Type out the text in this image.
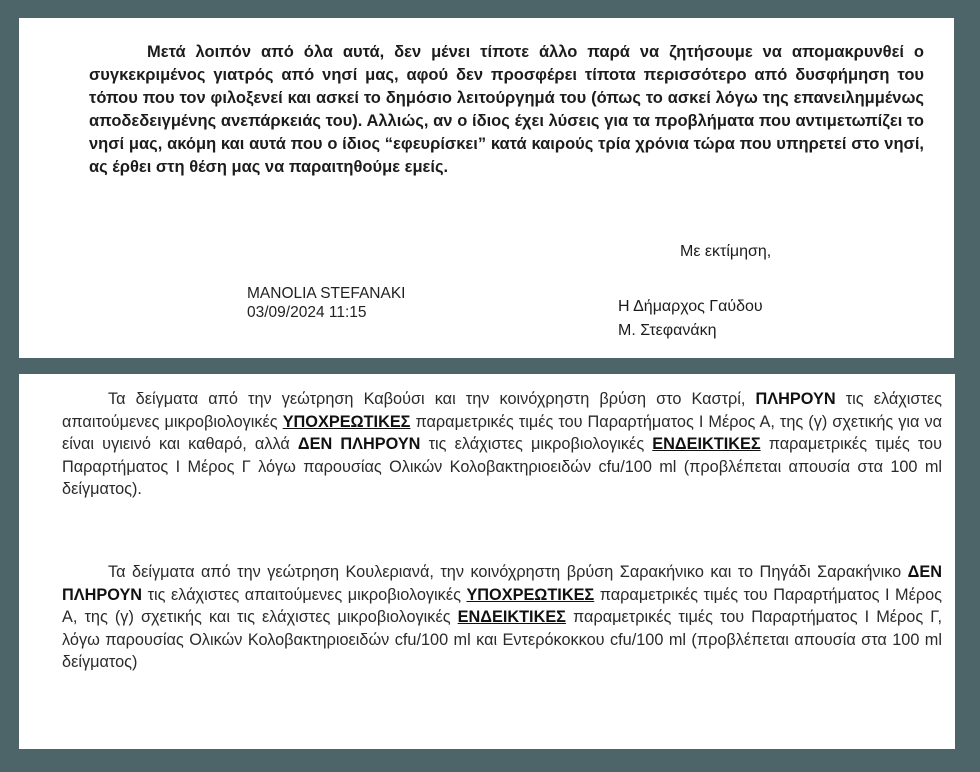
Μετά λοιπόν από όλα αυτά, δεν μένει τίποτε άλλο παρά να ζητήσουμε να απομακρυνθεί ο συγκεκριμένος γιατρός από νησί μας, αφού δεν προσφέρει τίποτα περισσότερο από δυσφήμηση του τόπου που τον φιλοξενεί και ασκεί το δημόσιο λειτούργημά του (όπως το ασκεί λόγω της επανειλημμένως αποδεδειγμένης ανεπάρκειάς του). Αλλιώς, αν ο ίδιος έχει λύσεις για τα προβλήματα που αντιμετωπίζει το νησί μας, ακόμη και αυτά που ο ίδιος “εφευρίσκει” κατά καιρούς τρία χρόνια τώρα που υπηρετεί στο νησί, ας έρθει στη θέση μας να παραιτηθούμε εμείς.

Με εκτίμηση,
MANOLIA STEFANAKI
03/09/2024 11:15	Η Δήμαρχος Γαύδου
Μ. Στεφανάκη

Τα δείγματα από την γεώτρηση Καβούσι και την κοινόχρηστη βρύση στο Καστρί, ΠΛΗΡΟΥΝ τις ελάχιστες απαιτούμενες μικροβιολογικές ΥΠΟΧΡΕΩΤΙΚΕΣ παραμετρικές τιμές του Παραρτήματος Ι Μέρος Α, της (γ) σχετικής για να είναι υγιεινό και καθαρό, αλλά ΔΕΝ ΠΛΗΡΟΥΝ τις ελάχιστες μικροβιολογικές ΕΝΔΕΙΚΤΙΚΕΣ παραμετρικές τιμές του Παραρτήματος Ι Μέρος Γ λόγω παρουσίας Ολικών Κολοβακτηριοειδών cfu/100 ml (προβλέπεται απουσία στα 100 ml δείγματος).

Τα δείγματα από την γεώτρηση Κουλεριανά, την κοινόχρηστη βρύση Σαρακήνικο και το Πηγάδι Σαρακήνικο ΔΕΝ ΠΛΗΡΟΥΝ τις ελάχιστες απαιτούμενες μικροβιολογικές ΥΠΟΧΡΕΩΤΙΚΕΣ παραμετρικές τιμές του Παραρτήματος Ι Μέρος Α, της (γ) σχετικής και τις ελάχιστες μικροβιολογικές ΕΝΔΕΙΚΤΙΚΕΣ παραμετρικές τιμές του Παραρτήματος Ι Μέρος Γ, λόγω παρουσίας Ολικών Κολοβακτηριοειδών cfu/100 ml και Εντερόκοκκου cfu/100 ml (προβλέπεται απουσία στα 100 ml δείγματος)
